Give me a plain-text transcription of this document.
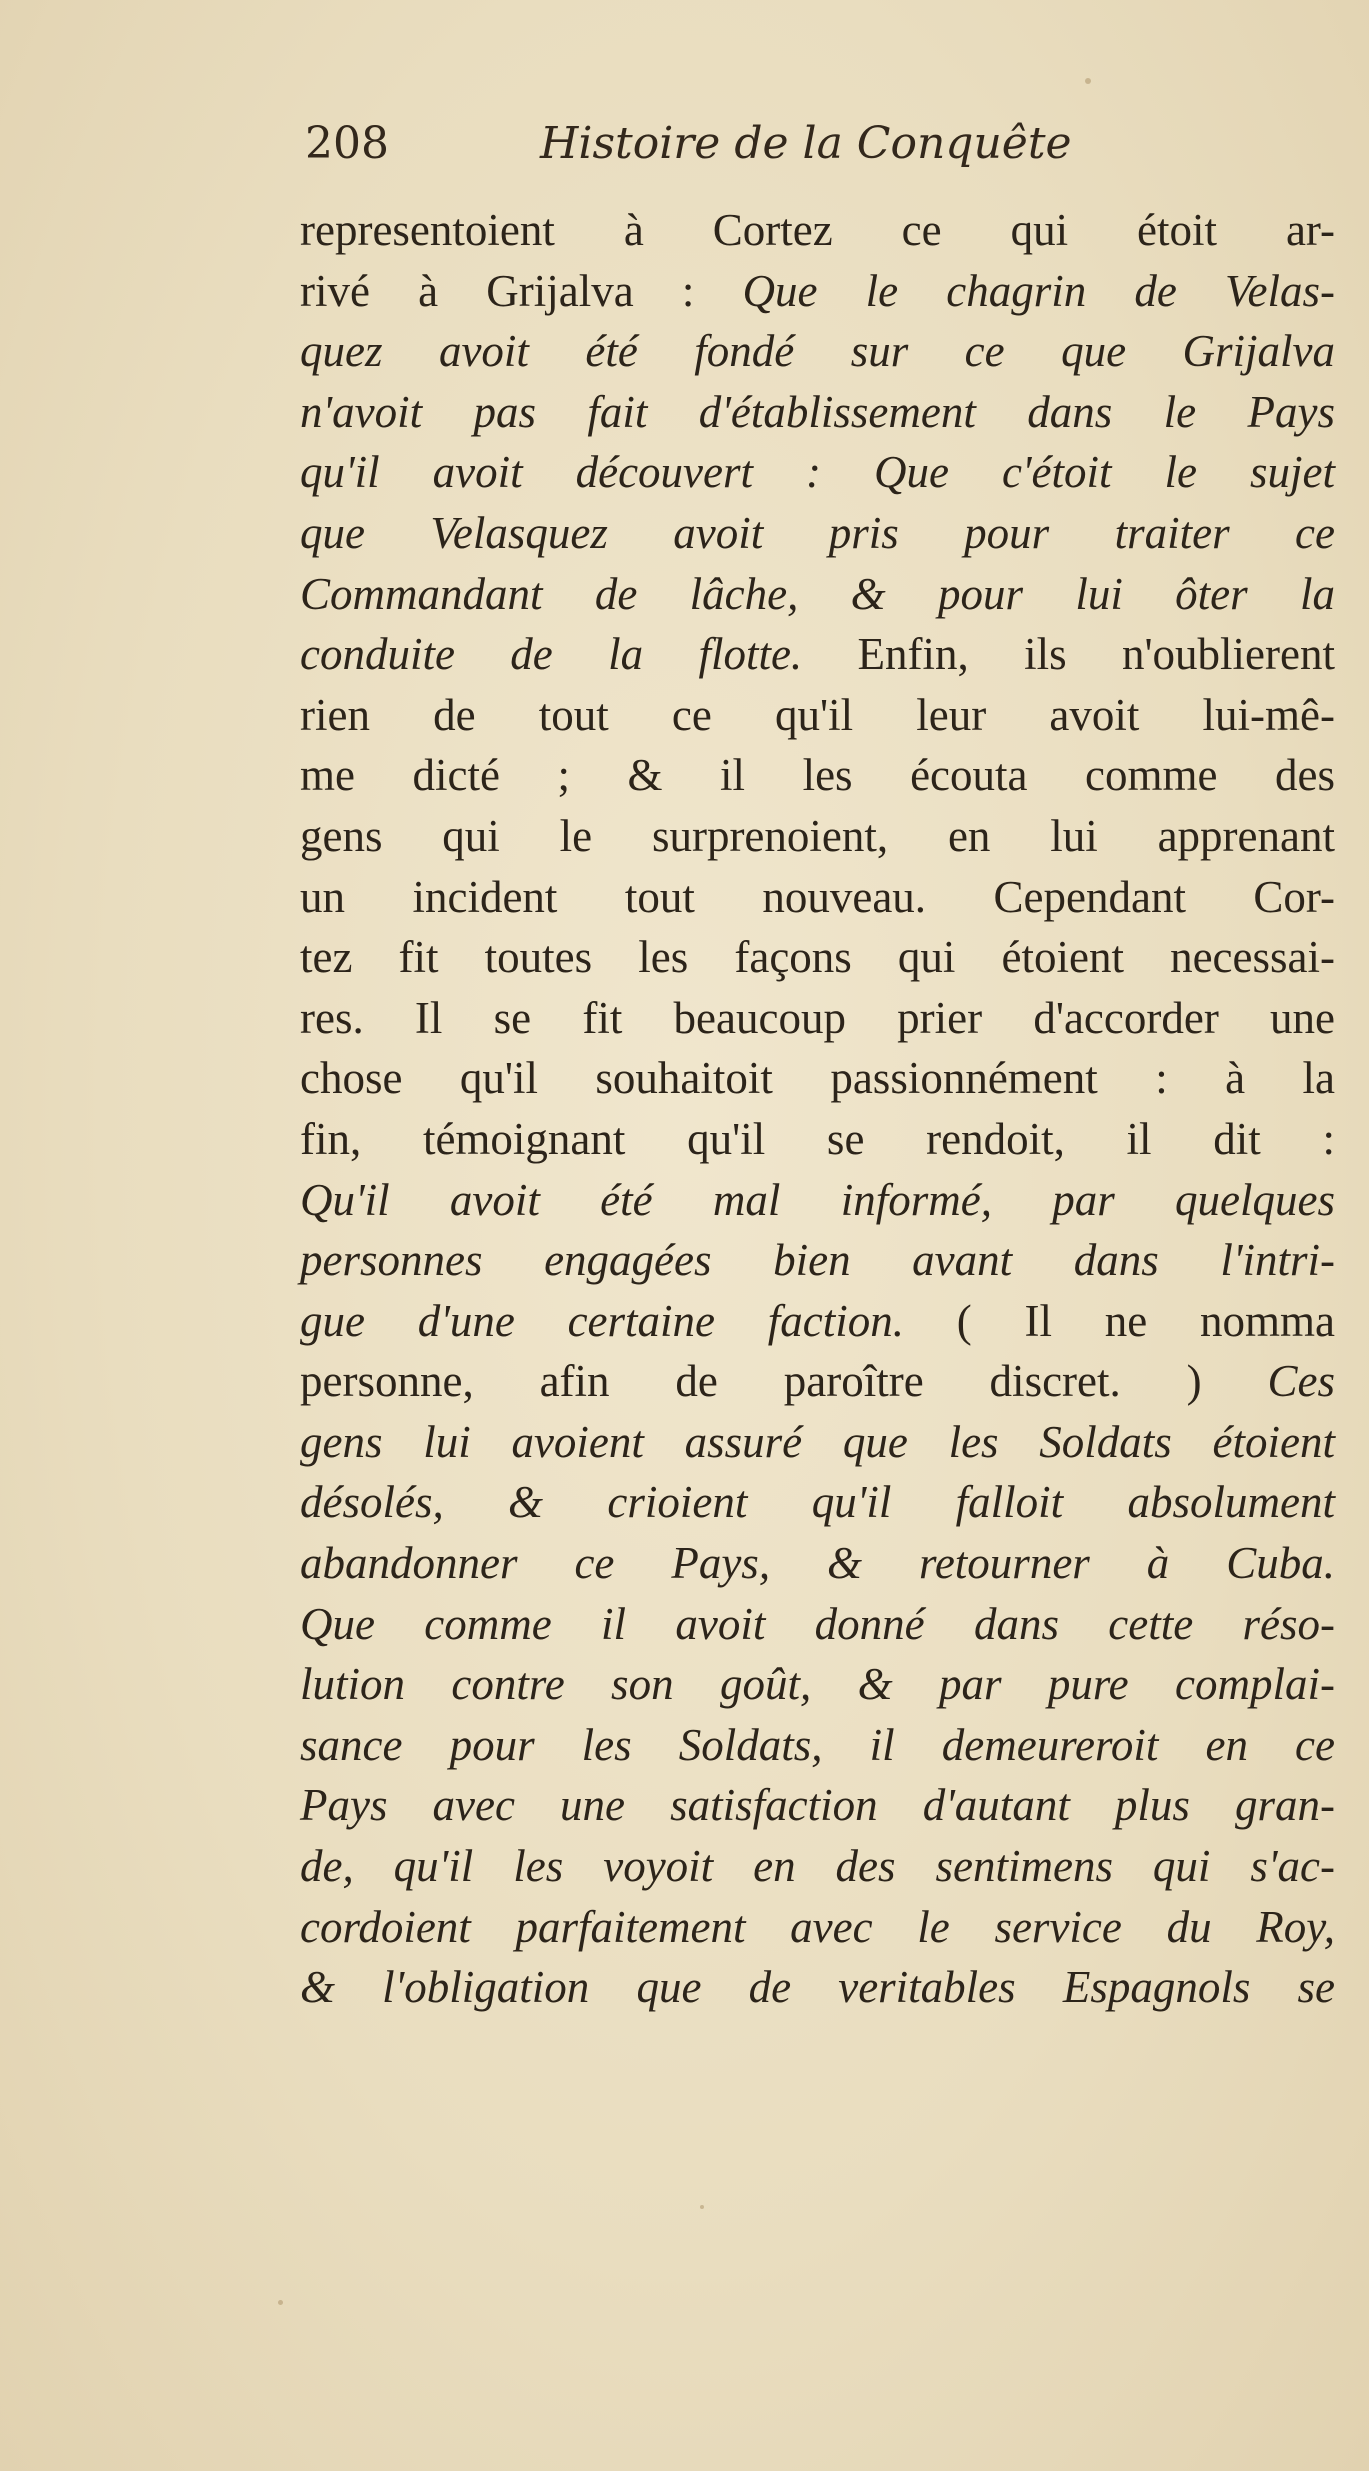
208	Histoire de la Conquête
representoient à Cortez ce qui étoit ar-
rivé à Grijalva : Que le chagrin de Velas-
quez avoit été fondé sur ce que Grijalva
n'avoit pas fait d'établissement dans le Pays
qu'il avoit découvert : Que c'étoit le sujet
que Velasquez avoit pris pour traiter ce
Commandant de lâche, & pour lui ôter la
conduite de la flotte. Enfin, ils n'oublierent
rien de tout ce qu'il leur avoit lui-mê-
me dicté ; & il les écouta comme des
gens qui le surprenoient, en lui apprenant
un incident tout nouveau. Cependant Cor-
tez fit toutes les façons qui étoient necessai-
res. Il se fit beaucoup prier d'accorder une
chose qu'il souhaitoit passionnément : à la
fin, témoignant qu'il se rendoit, il dit :
Qu'il avoit été mal informé, par quelques
personnes engagées bien avant dans l'intri-
gue d'une certaine faction. ( Il ne nomma
personne, afin de paroître discret. ) Ces
gens lui avoient assuré que les Soldats étoient
désolés, & crioient qu'il falloit absolument
abandonner ce Pays, & retourner à Cuba.
Que comme il avoit donné dans cette réso-
lution contre son goût, & par pure complai-
sance pour les Soldats, il demeureroit en ce
Pays avec une satisfaction d'autant plus gran-
de, qu'il les voyoit en des sentimens qui s'ac-
cordoient parfaitement avec le service du Roy,
& l'obligation que de veritables Espagnols se
